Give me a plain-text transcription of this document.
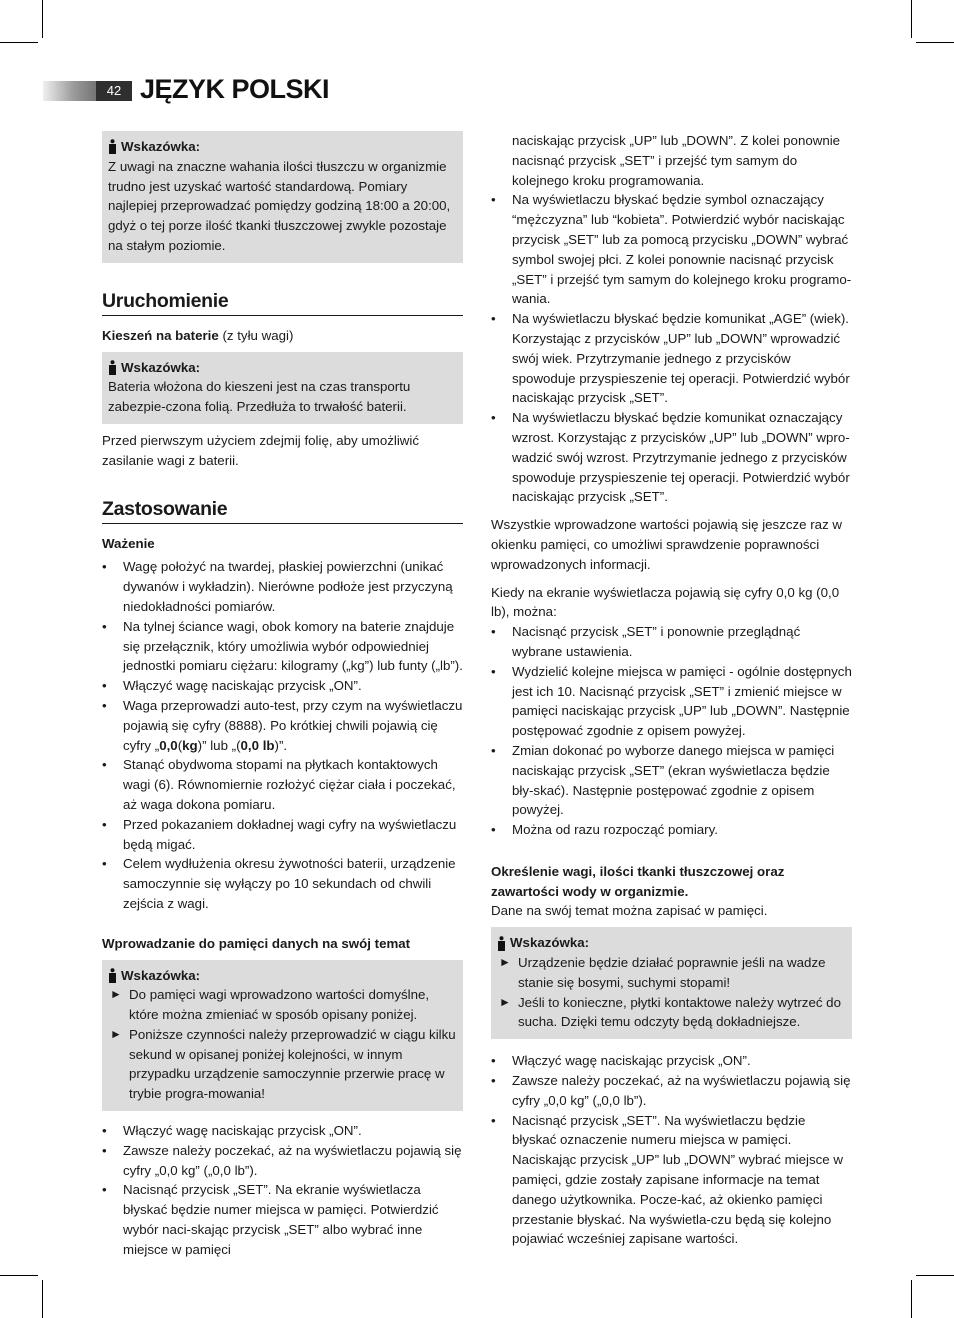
42 JĘZYK POLSKI
Wskazówka:

Z uwagi na znaczne wahania ilości tłuszczu w organizmie trudno jest uzyskać wartość standardową. Pomiary najlepiej przeprowadzać pomiędzy godziną 18:00 a 20:00, gdyż o tej porze ilość tkanki tłuszczowej zwykle pozostaje na stałym poziomie.

Uruchomienie

Kieszeń na baterie (z tyłu wagi)

Wskazówka:

Bateria włożona do kieszeni jest na czas transportu zabezpie-czona folią. Przedłuża to trwałość baterii.

Przed pierwszym użyciem zdejmij folię, aby umożliwić zasilanie wagi z baterii.

Zastosowanie

Ważenie

• Wagę położyć na twardej, płaskiej powierzchni (unikać dywanów i wykładzin). Nierówne podłoże jest przyczyną niedokładności pomiarów.
• Na tylnej ściance wagi, obok komory na baterie znajduje się przełącznik, który umożliwia wybór odpowiedniej jednostki pomiaru ciężaru: kilogramy („kg”) lub funty („lb”).
• Włączyć wagę naciskając przycisk „ON”.
• Waga przeprowadzi auto-test, przy czym na wyświetlaczu pojawią się cyfry (8888). Po krótkiej chwili pojawią cię cyfry „0,0(kg)” lub „(0,0 lb)”.
• Stanąć obydwoma stopami na płytkach kontaktowych wagi (6). Równomiernie rozłożyć ciężar ciała i poczekać, aż waga dokona pomiaru.
• Przed pokazaniem dokładnej wagi cyfry na wyświetlaczu będą migać.
• Celem wydłużenia okresu żywotności baterii, urządzenie samoczynnie się wyłączy po 10 sekundach od chwili zejścia z wagi.

Wprowadzanie do pamięci danych na swój temat

Wskazówka:
► Do pamięci wagi wprowadzono wartości domyślne, które można zmieniać w sposób opisany poniżej.
► Poniższe czynności należy przeprowadzić w ciągu kilku sekund w opisanej poniżej kolejności, w innym przypadku urządzenie samoczynnie przerwie pracę w trybie progra-mowania!
• Włączyć wagę naciskając przycisk „ON”.
• Zawsze należy poczekać, aż na wyświetlaczu pojawią się cyfry „0,0 kg” („0,0 lb”).
• Nacisnąć przycisk „SET”. Na ekranie wyświetlacza błyskać będzie numer miejsca w pamięci. Potwierdzić wybór naci-skając przycisk „SET” albo wybrać inne miejsce w pamięci

naciskając przycisk „UP” lub „DOWN”. Z kolei ponownie nacisnąć przycisk „SET” i przejść tym samym do kolejnego kroku programowania.

• Na wyświetlaczu błyskać będzie symbol oznaczający “mężczyzna” lub “kobieta”. Potwierdzić wybór naciskając przycisk „SET” lub za pomocą przycisku „DOWN” wybrać symbol swojej płci. Z kolei ponownie nacisnąć przycisk „SET” i przejść tym samym do kolejnego kroku programo-wania.
• Na wyświetlaczu błyskać będzie komunikat „AGE” (wiek). Korzystając z przycisków „UP” lub „DOWN” wprowadzić swój wiek. Przytrzymanie jednego z przycisków spowoduje przyspieszenie tej operacji. Potwierdzić wybór naciskając przycisk „SET”.
• Na wyświetlaczu błyskać będzie komunikat oznaczający wzrost. Korzystając z przycisków „UP” lub „DOWN” wpro-wadzić swój wzrost. Przytrzymanie jednego z przycisków spowoduje przyspieszenie tej operacji. Potwierdzić wybór naciskając przycisk „SET”.

Wszystkie wprowadzone wartości pojawią się jeszcze raz w okienku pamięci, co umożliwi sprawdzenie poprawności wprowadzonych informacji.

Kiedy na ekranie wyświetlacza pojawią się cyfry 0,0 kg (0,0 lb), można:

• Nacisnąć przycisk „SET” i ponownie przeglądnąć wybrane ustawienia.
• Wydzielić kolejne miejsca w pamięci - ogólnie dostępnych jest ich 10. Nacisnąć przycisk „SET” i zmienić miejsce w pamięci naciskając przycisk „UP” lub „DOWN”. Następnie postępować zgodnie z opisem powyżej.
• Zmian dokonać po wyborze danego miejsca w pamięci naciskając przycisk „SET” (ekran wyświetlacza będzie bły-skać). Następnie postępować zgodnie z opisem powyżej.
• Można od razu rozpocząć pomiary.

Określenie wagi, ilości tkanki tłuszczowej oraz zawartości wody w organizmie.

Dane na swój temat można zapisać w pamięci.

Wskazówka:
► Urządzenie będzie działać poprawnie jeśli na wadze stanie się bosymi, suchymi stopami!
► Jeśli to konieczne, płytki kontaktowe należy wytrzeć do sucha. Dzięki temu odczyty będą dokładniejsze.
• Włączyć wagę naciskając przycisk „ON”.
• Zawsze należy poczekać, aż na wyświetlaczu pojawią się cyfry „0,0 kg” („0,0 lb”).
• Nacisnąć przycisk „SET”. Na wyświetlaczu będzie błyskać oznaczenie numeru miejsca w pamięci. Naciskając przycisk „UP” lub „DOWN” wybrać miejsce w pamięci, gdzie zostały zapisane informacje na temat danego użytkownika. Pocze-kać, aż okienko pamięci przestanie błyskać. Na wyświetla-czu będą się kolejno pojawiać wcześniej zapisane wartości.
